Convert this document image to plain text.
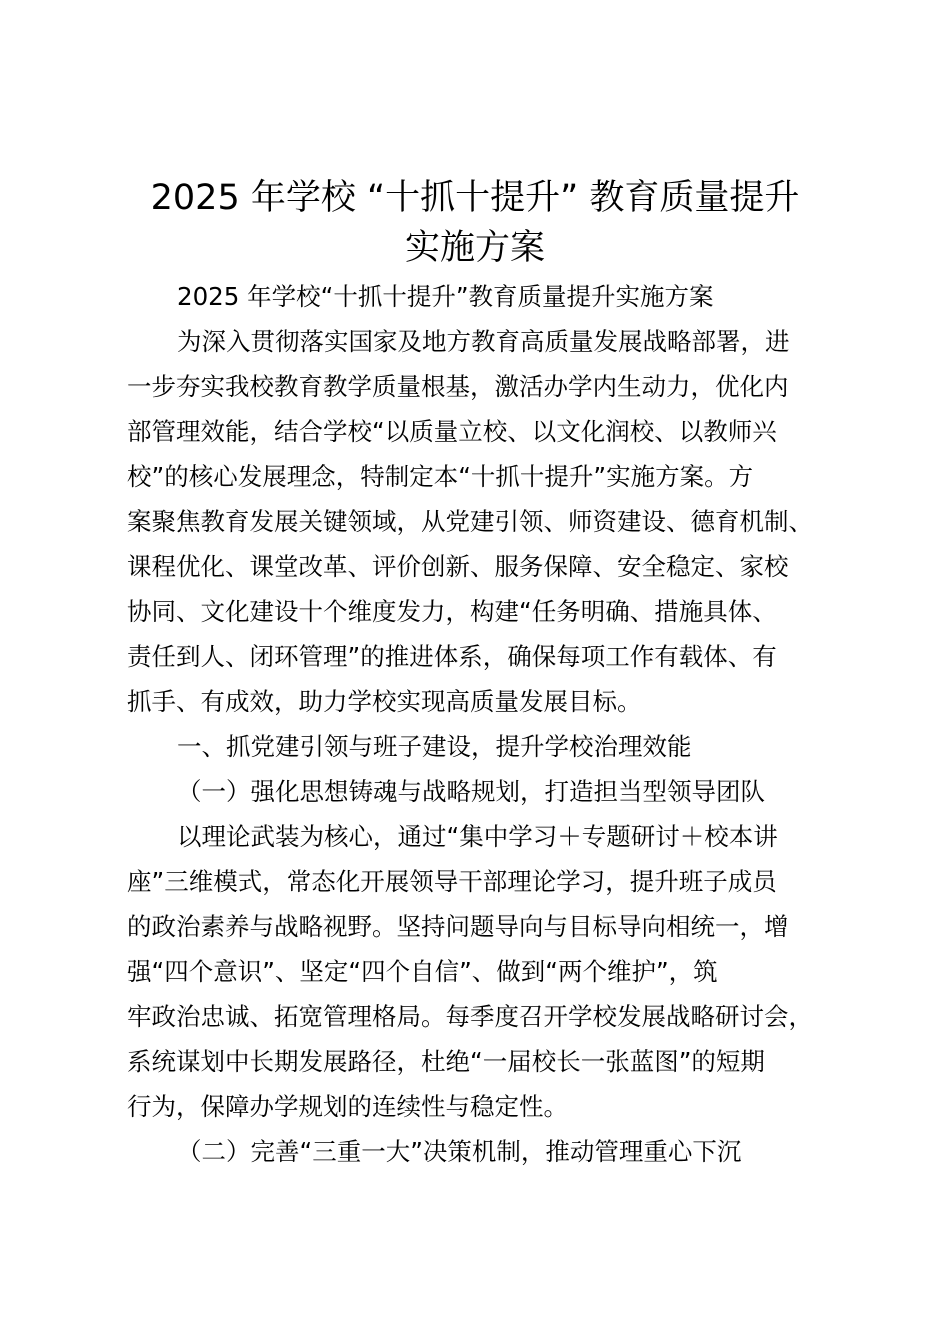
2025 年学校 “十抓十提升” 教育质量提升
实施方案

2025 年学校“十抓十提升”教育质量提升实施方案

为深入贯彻落实国家及地方教育高质量发展战略部署，进

一步夯实我校教育教学质量根基，激活办学内生动力，优化内

部管理效能，结合学校“以质量立校、以文化润校、以教师兴

校”的核心发展理念，特制定本“十抓十提升”实施方案。方

案聚焦教育发展关键领域，从党建引领、师资建设、德育机制、

课程优化、课堂改革、评价创新、服务保障、安全稳定、家校

协同、文化建设十个维度发力，构建“任务明确、措施具体、

责任到人、闭环管理”的推进体系，确保每项工作有载体、有

抓手、有成效，助力学校实现高质量发展目标。

一、抓党建引领与班子建设，提升学校治理效能

（一）强化思想铸魂与战略规划，打造担当型领导团队

以理论武装为核心，通过“集中学习＋专题研讨＋校本讲

座”三维模式，常态化开展领导干部理论学习，提升班子成员

的政治素养与战略视野。坚持问题导向与目标导向相统一，增

强“四个意识”、坚定“四个自信”、做到“两个维护”，筑

牢政治忠诚、拓宽管理格局。每季度召开学校发展战略研讨会，

系统谋划中长期发展路径，杜绝“一届校长一张蓝图”的短期

行为，保障办学规划的连续性与稳定性。

（二）完善“三重一大”决策机制，推动管理重心下沉
